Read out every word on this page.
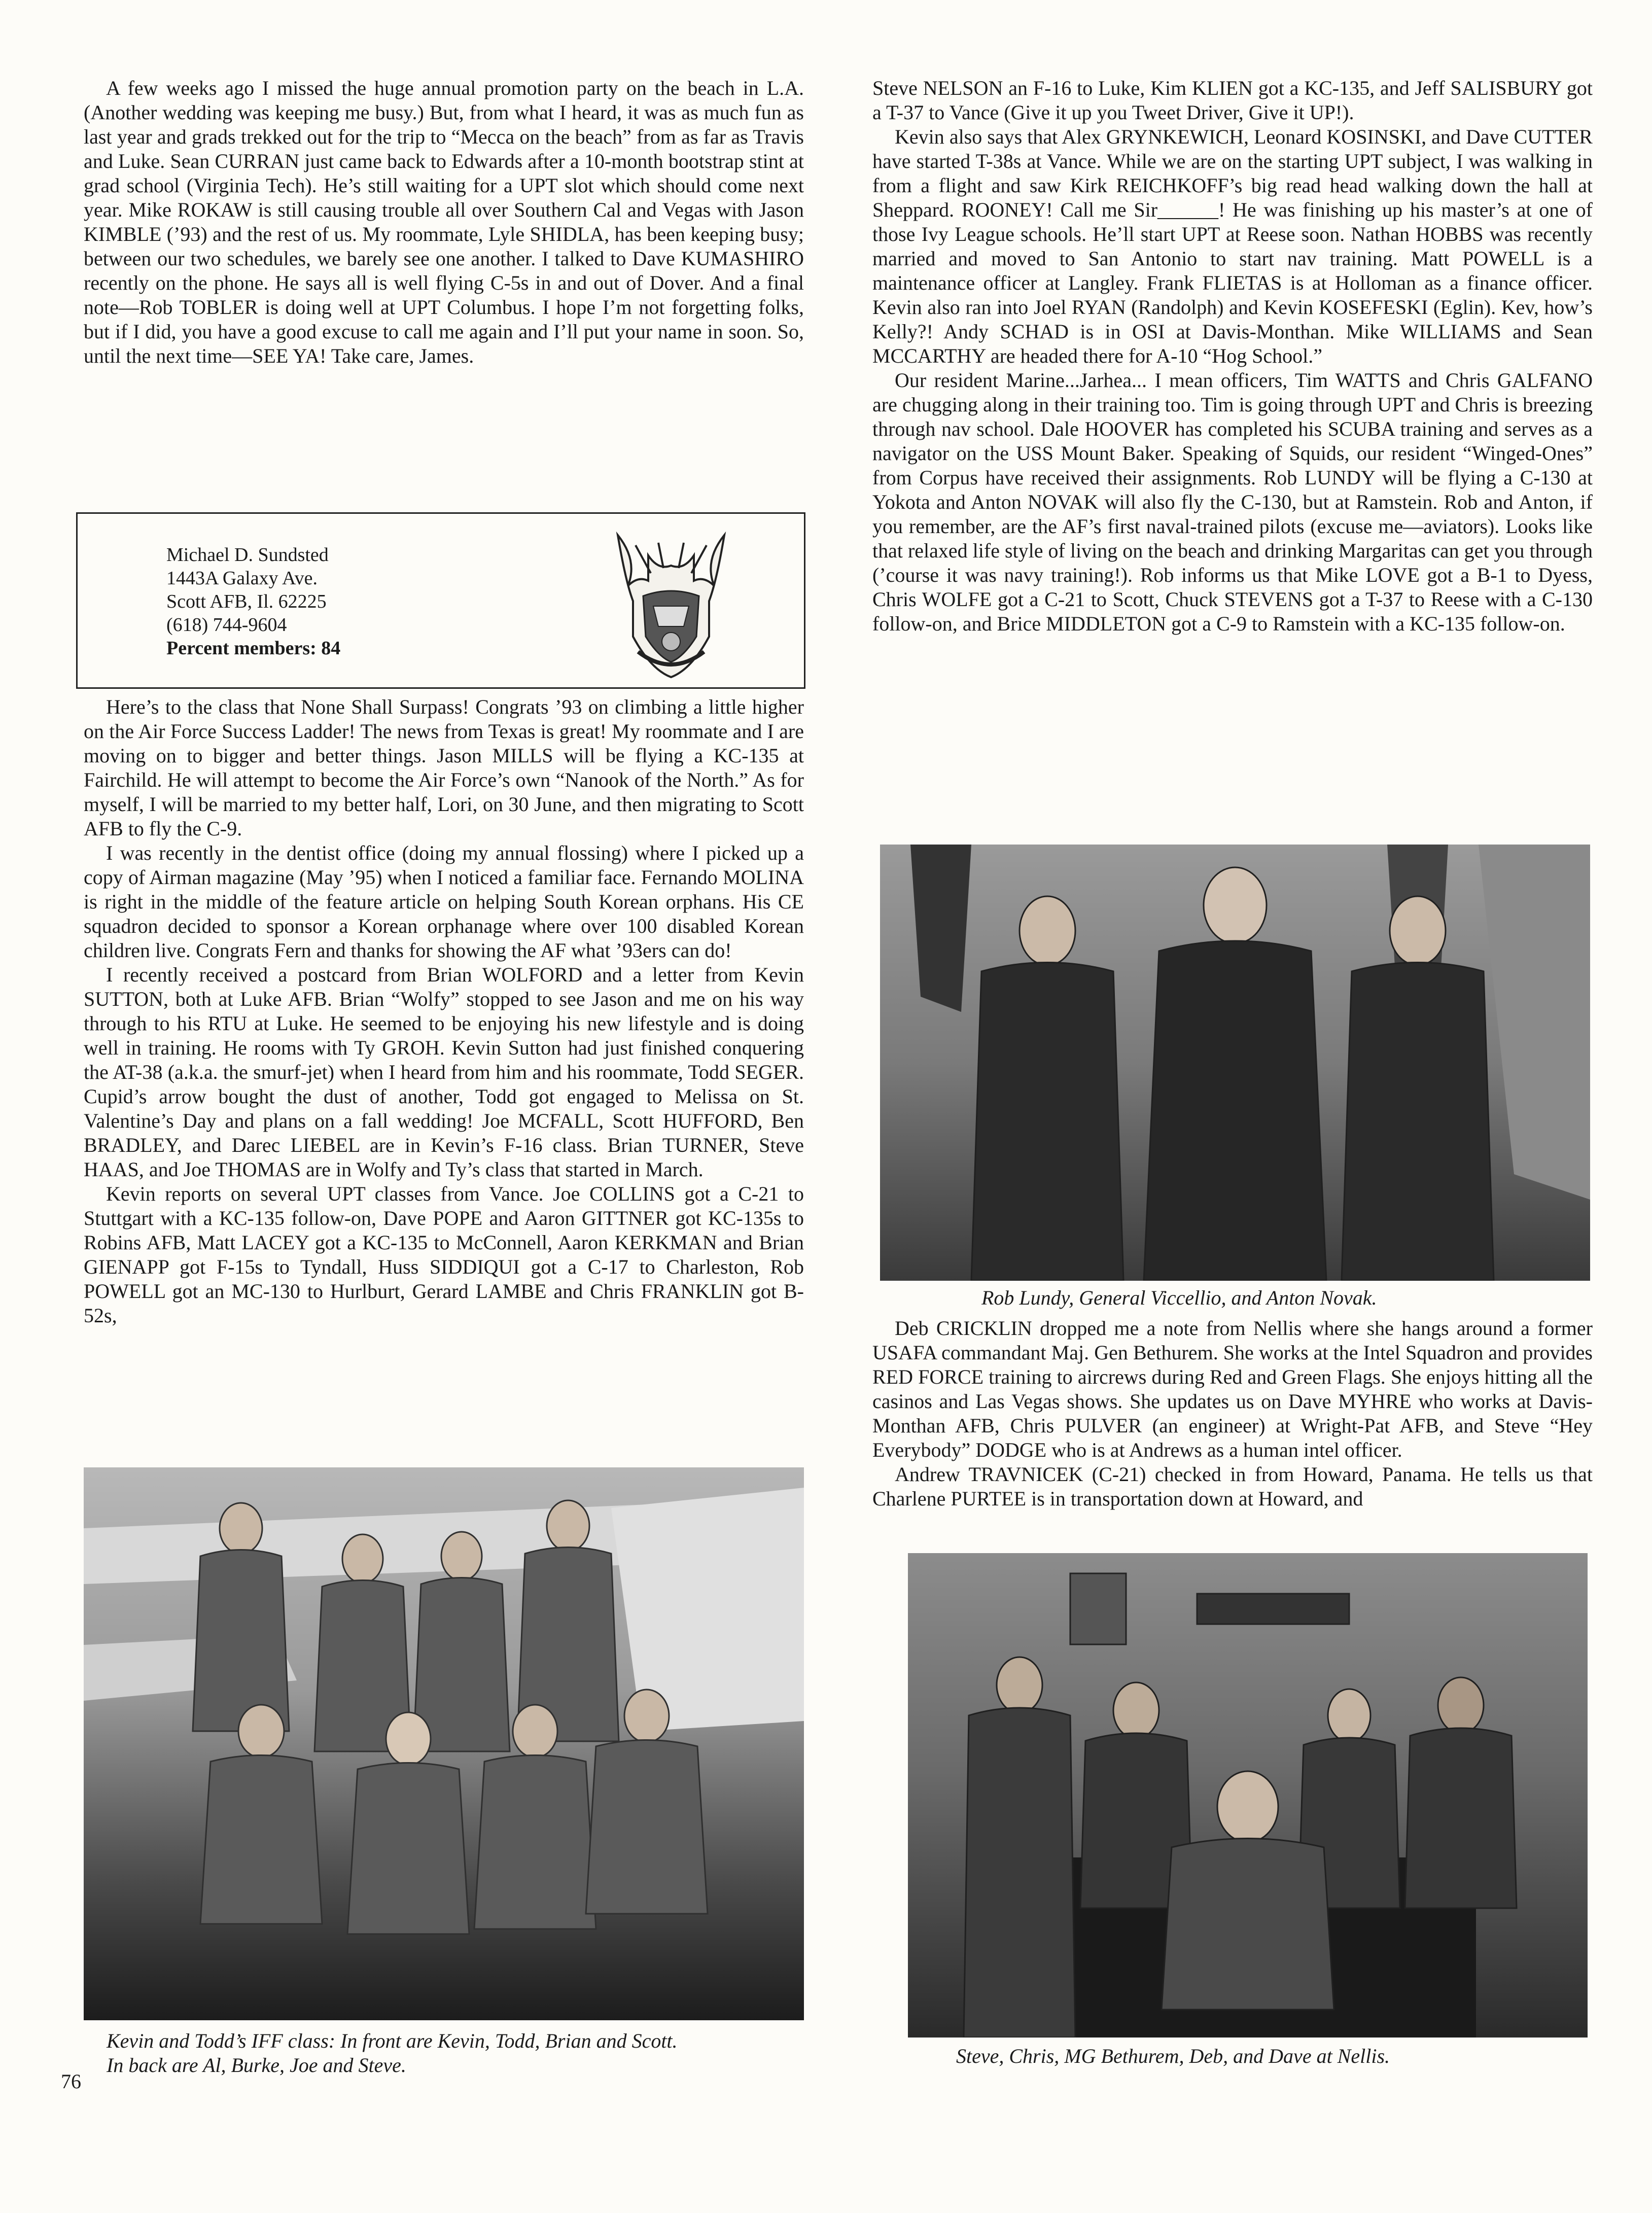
A few weeks ago I missed the huge annual promotion party on the beach in L.A. (Another wedding was keeping me busy.) But, from what I heard, it was as much fun as last year and grads trekked out for the trip to “Mecca on the beach” from as far as Travis and Luke. Sean CURRAN just came back to Edwards after a 10-month bootstrap stint at grad school (Virginia Tech). He’s still waiting for a UPT slot which should come next year. Mike ROKAW is still causing trouble all over Southern Cal and Vegas with Jason KIMBLE (’93) and the rest of us. My roommate, Lyle SHIDLA, has been keeping busy; between our two schedules, we barely see one another. I talked to Dave KUMASHIRO recently on the phone. He says all is well flying C-5s in and out of Dover. And a final note—Rob TOBLER is doing well at UPT Columbus. I hope I’m not forgetting folks, but if I did, you have a good excuse to call me again and I’ll put your name in soon. So, until the next time—SEE YA! Take care, James.

Michael D. Sundsted
1443A Galaxy Ave.
Scott AFB, Il. 62225
(618) 744-9604
Percent members: 84

Here’s to the class that None Shall Surpass! Congrats ’93 on climbing a little higher on the Air Force Success Ladder! The news from Texas is great! My roommate and I are moving on to bigger and better things. Jason MILLS will be flying a KC-135 at Fairchild. He will attempt to become the Air Force’s own “Nanook of the North.” As for myself, I will be married to my better half, Lori, on 30 June, and then migrating to Scott AFB to fly the C-9.

I was recently in the dentist office (doing my annual flossing) where I picked up a copy of Airman magazine (May ’95) when I noticed a familiar face. Fernando MOLINA is right in the middle of the feature article on helping South Korean orphans. His CE squadron decided to sponsor a Korean orphanage where over 100 disabled Korean children live. Congrats Fern and thanks for showing the AF what ’93ers can do!

I recently received a postcard from Brian WOLFORD and a letter from Kevin SUTTON, both at Luke AFB. Brian “Wolfy” stopped to see Jason and me on his way through to his RTU at Luke. He seemed to be enjoying his new lifestyle and is doing well in training. He rooms with Ty GROH. Kevin Sutton had just finished conquering the AT-38 (a.k.a. the smurf-jet) when I heard from him and his roommate, Todd SEGER. Cupid’s arrow bought the dust of another, Todd got engaged to Melissa on St. Valentine’s Day and plans on a fall wedding! Joe MCFALL, Scott HUFFORD, Ben BRADLEY, and Darec LIEBEL are in Kevin’s F-16 class. Brian TURNER, Steve HAAS, and Joe THOMAS are in Wolfy and Ty’s class that started in March.

Kevin reports on several UPT classes from Vance. Joe COLLINS got a C-21 to Stuttgart with a KC-135 follow-on, Dave POPE and Aaron GITTNER got KC-135s to Robins AFB, Matt LACEY got a KC-135 to McConnell, Aaron KERKMAN and Brian GIENAPP got F-15s to Tyndall, Huss SIDDIQUI got a C-17 to Charleston, Rob POWELL got an MC-130 to Hurlburt, Gerard LAMBE and Chris FRANKLIN got B-52s,

Kevin and Todd’s IFF class: In front are Kevin, Todd, Brian and Scott.
In back are Al, Burke, Joe and Steve.

Steve NELSON an F-16 to Luke, Kim KLIEN got a KC-135, and Jeff SALISBURY got a T-37 to Vance (Give it up you Tweet Driver, Give it UP!).

Kevin also says that Alex GRYNKEWICH, Leonard KOSINSKI, and Dave CUTTER have started T-38s at Vance. While we are on the starting UPT subject, I was walking in from a flight and saw Kirk REICHKOFF’s big read head walking down the hall at Sheppard. ROONEY! Call me Sir______! He was finishing up his master’s at one of those Ivy League schools. He’ll start UPT at Reese soon. Nathan HOBBS was recently married and moved to San Antonio to start nav training. Matt POWELL is a maintenance officer at Langley. Frank FLIETAS is at Holloman as a finance officer. Kevin also ran into Joel RYAN (Randolph) and Kevin KOSEFESKI (Eglin). Kev, how’s Kelly?! Andy SCHAD is in OSI at Davis-Monthan. Mike WILLIAMS and Sean MCCARTHY are headed there for A-10 “Hog School.”

Our resident Marine...Jarhea... I mean officers, Tim WATTS and Chris GALFANO are chugging along in their training too. Tim is going through UPT and Chris is breezing through nav school. Dale HOOVER has completed his SCUBA training and serves as a navigator on the USS Mount Baker. Speaking of Squids, our resident “Winged-Ones” from Corpus have received their assignments. Rob LUNDY will be flying a C-130 at Yokota and Anton NOVAK will also fly the C-130, but at Ramstein. Rob and Anton, if you remember, are the AF’s first naval-trained pilots (excuse me—aviators). Looks like that relaxed life style of living on the beach and drinking Margaritas can get you through (’course it was navy training!). Rob informs us that Mike LOVE got a B-1 to Dyess, Chris WOLFE got a C-21 to Scott, Chuck STEVENS got a T-37 to Reese with a C-130 follow-on, and Brice MIDDLETON got a C-9 to Ramstein with a KC-135 follow-on.

Rob Lundy, General Viccellio, and Anton Novak.

Deb CRICKLIN dropped me a note from Nellis where she hangs around a former USAFA commandant Maj. Gen Bethurem. She works at the Intel Squadron and provides RED FORCE training to aircrews during Red and Green Flags. She enjoys hitting all the casinos and Las Vegas shows. She updates us on Dave MYHRE who works at Davis-Monthan AFB, Chris PULVER (an engineer) at Wright-Pat AFB, and Steve “Hey Everybody” DODGE who is at Andrews as a human intel officer.

Andrew TRAVNICEK (C-21) checked in from Howard, Panama. He tells us that Charlene PURTEE is in transportation down at Howard, and

Steve, Chris, MG Bethurem, Deb, and Dave at Nellis.
76
